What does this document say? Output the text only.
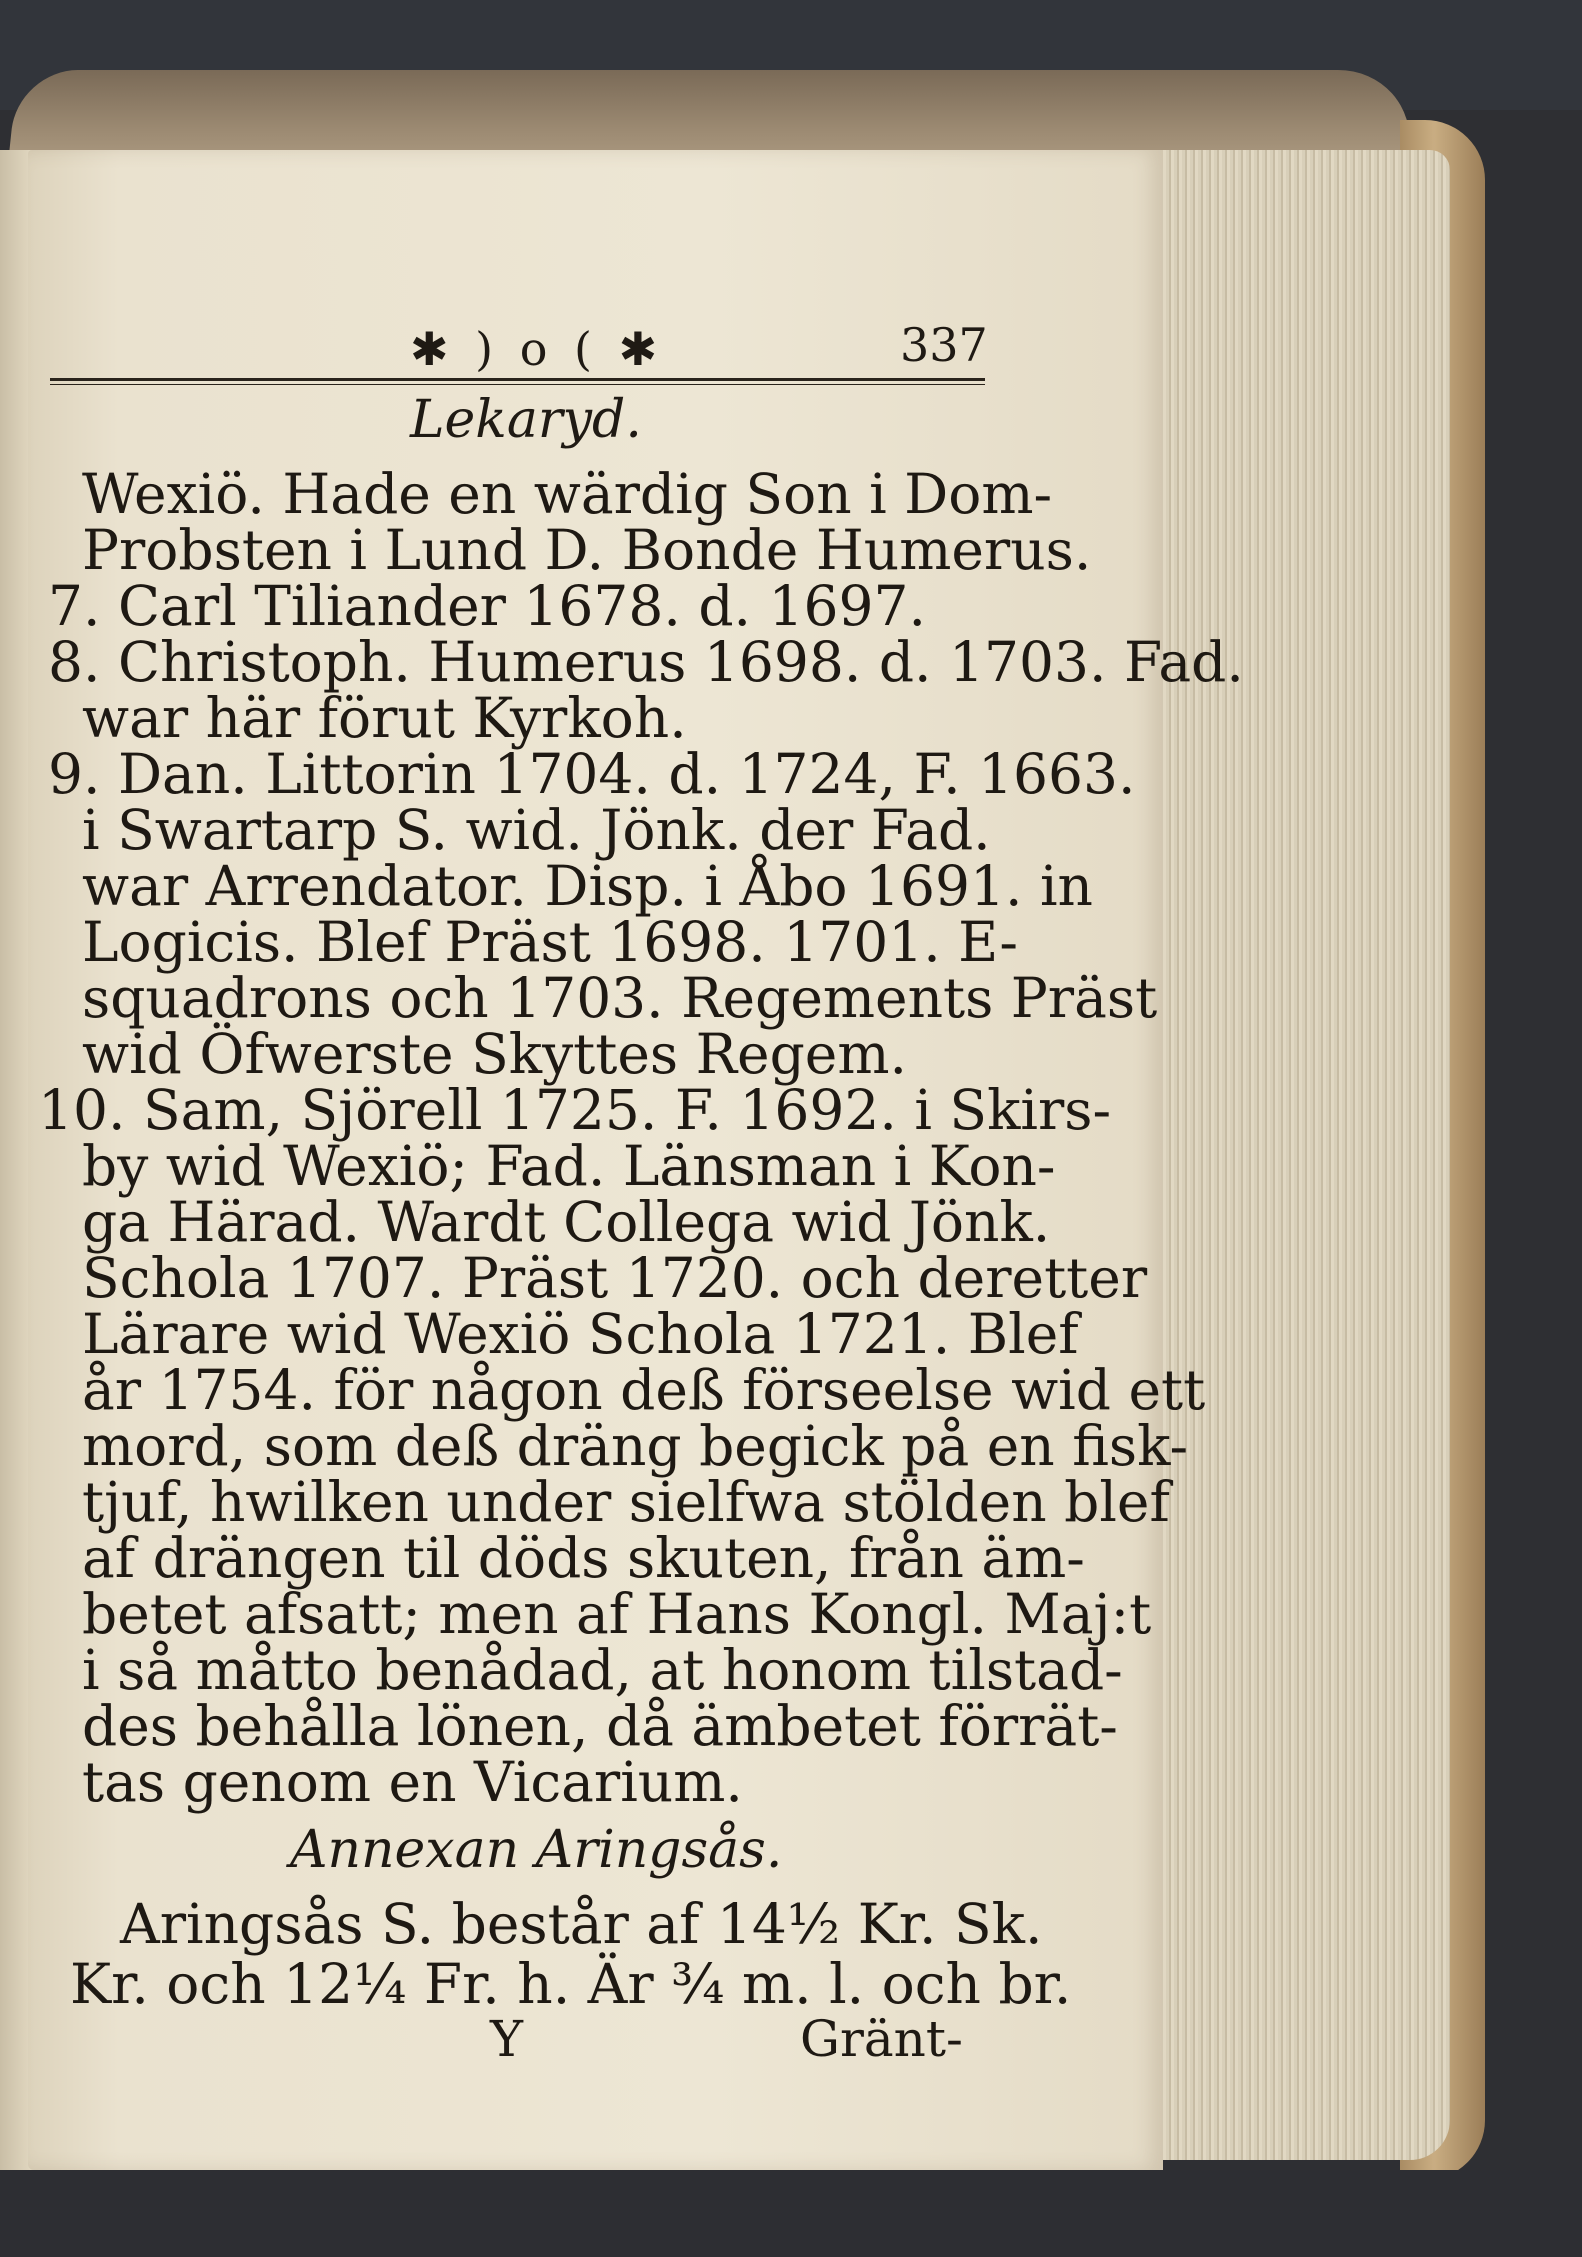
✱ ) o ( ✱	337
Lekaryd.
Wexiö. Hade en wärdig Son i Dom-
Probsten i Lund D. Bonde Humerus.
7. Carl Tiliander 1678. d. 1697.
8. Christoph. Humerus 1698. d. 1703. Fad.
war här förut Kyrkoh.
9. Dan. Littorin 1704. d. 1724, F. 1663.
i Swartarp S. wid. Jönk. der Fad.
war Arrendator. Disp. i Åbo 1691. in
Logicis. Blef Präst 1698. 1701. E-
squadrons och 1703. Regements Präst
wid Öfwerste Skyttes Regem.
10. Sam, Sjörell 1725. F. 1692. i Skirs-
by wid Wexiö; Fad. Länsman i Kon-
ga Härad. Wardt Collega wid Jönk.
Schola 1707. Präst 1720. och deretter
Lärare wid Wexiö Schola 1721. Blef
år 1754. för någon deß förseelse wid ett
mord, som deß dräng begick på en fisk-
tjuf, hwilken under sielfwa stölden blef
af drängen til döds skuten, från äm-
betet afsatt; men af Hans Kongl. Maj:t
i så måtto benådad, at honom tilstad-
des behålla lönen, då ämbetet förrät-
tas genom en Vicarium.
Annexan Aringsås.
Aringsås S. består af 14½ Kr. Sk.
Kr. och 12¼ Fr. h. Är ¾ m. l. och br.
Y	Gränt-
